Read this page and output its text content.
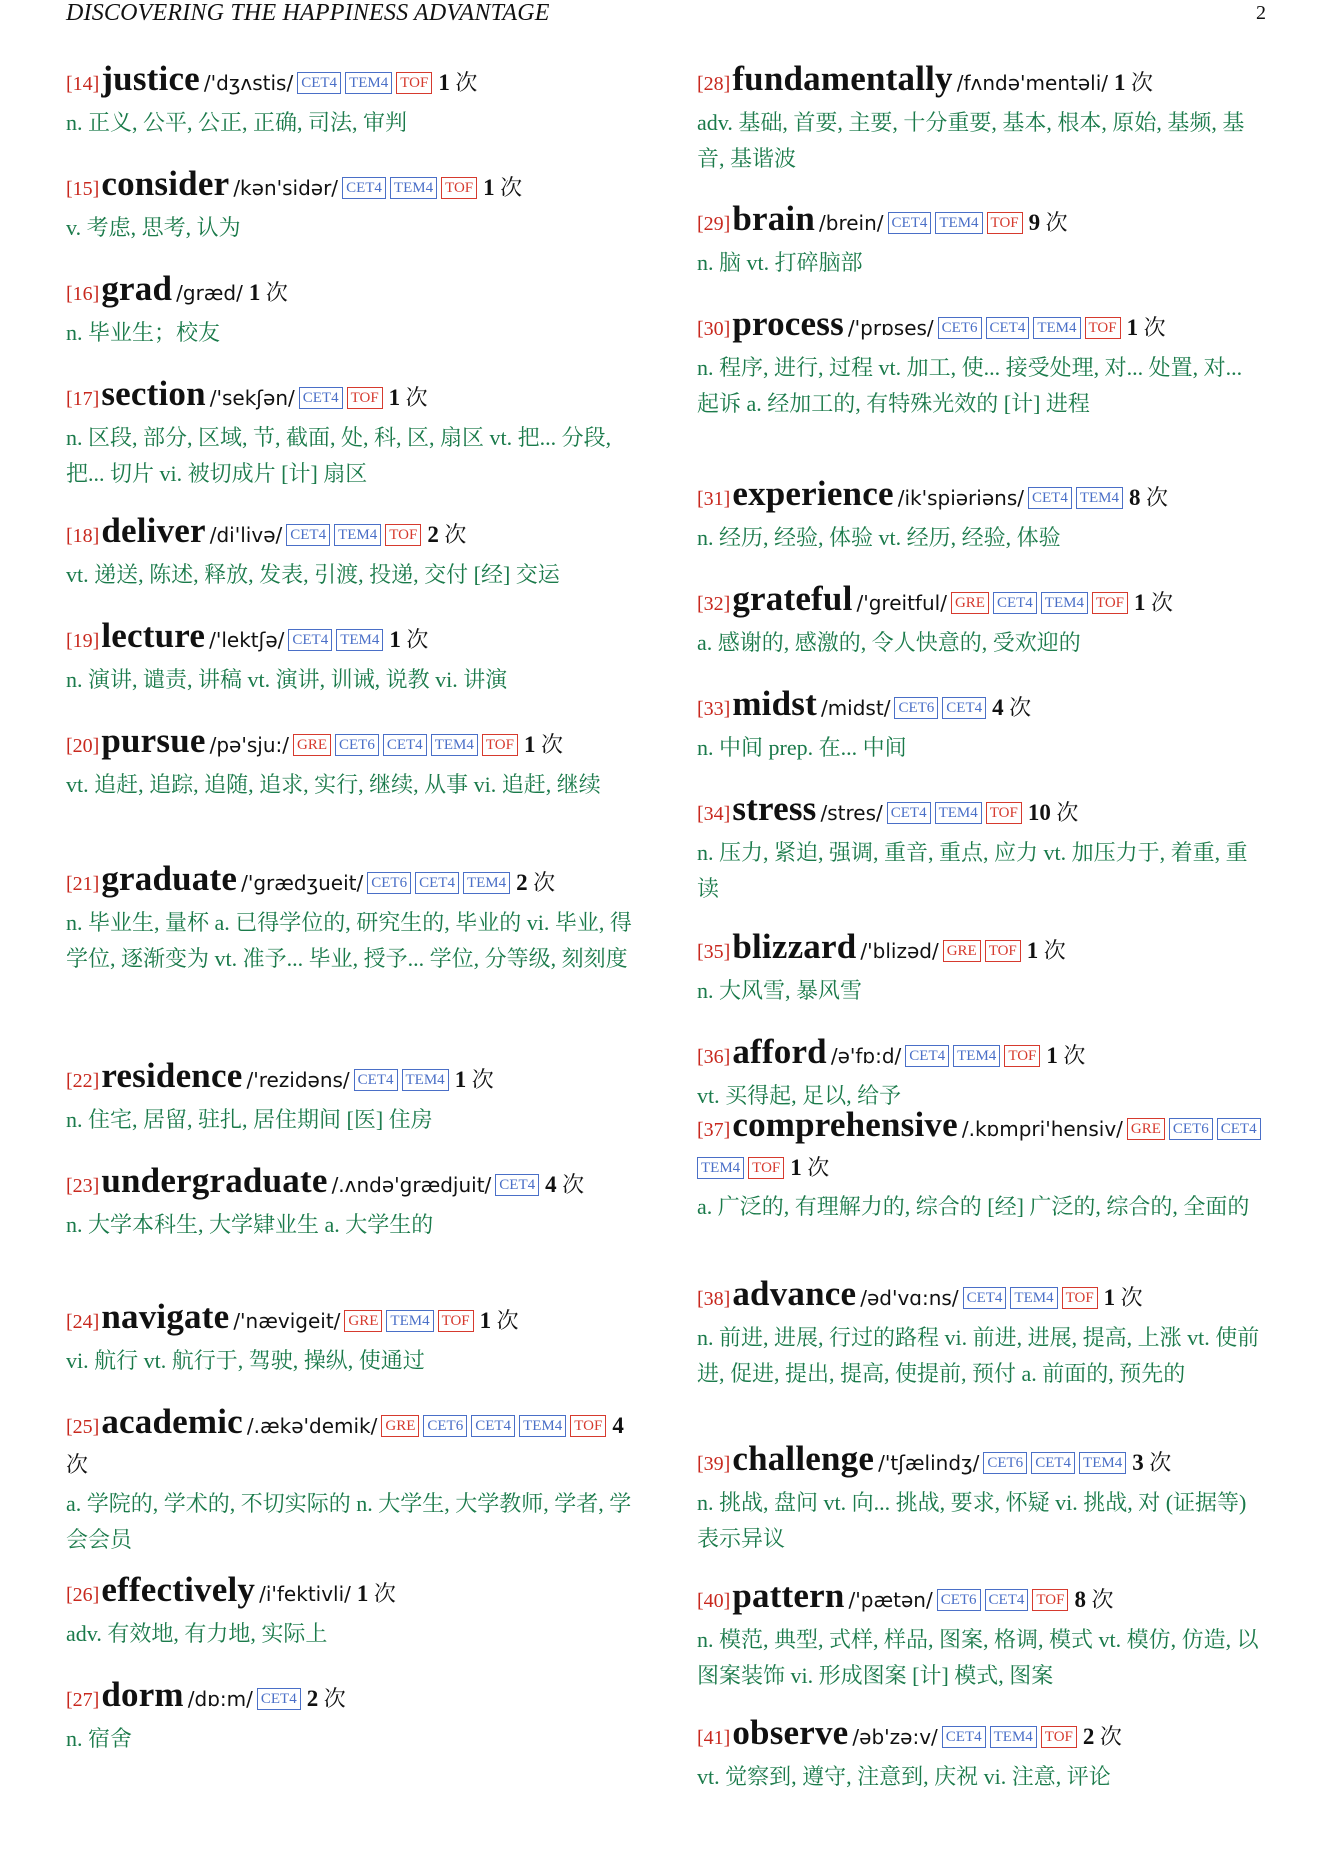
DISCOVERING THE HAPPINESS ADVANTAGE	2
[14]justice /'dʒʌstis/ CET4 TEM4 TOF 1 次
n. 正义, 公平, 公正, 正确, 司法, 审判
[15]consider /kən'sidər/ CET4 TEM4 TOF 1 次
v. 考虑, 思考, 认为
[16]grad /græd/ 1 次
n. 毕业生；校友
[17]section /'sekʃən/ CET4 TOF 1 次
n. 区段, 部分, 区域, 节, 截面, 处, 科, 区, 扇区 vt. 把... 分段, 把... 切片 vi. 被切成片 [计] 扇区
[18]deliver /di'livə/ CET4 TEM4 TOF 2 次
vt. 递送, 陈述, 释放, 发表, 引渡, 投递, 交付 [经] 交运
[19]lecture /'lektʃə/ CET4 TEM4 1 次
n. 演讲, 谴责, 讲稿 vt. 演讲, 训诫, 说教 vi. 讲演
[20]pursue /pə'sju:/ GRE CET6 CET4 TEM4 TOF 1 次
vt. 追赶, 追踪, 追随, 追求, 实行, 继续, 从事 vi. 追赶, 继续
[21]graduate /'grædʒueit/ CET6 CET4 TEM4 2 次
n. 毕业生, 量杯 a. 已得学位的, 研究生的, 毕业的 vi. 毕业, 得学位, 逐渐变为 vt. 准予... 毕业, 授予... 学位, 分等级, 刻刻度
[22]residence /'rezidəns/ CET4 TEM4 1 次
n. 住宅, 居留, 驻扎, 居住期间 [医] 住房
[23]undergraduate /.ʌndə'grædjuit/ CET4 4 次
n. 大学本科生, 大学肄业生 a. 大学生的
[24]navigate /'nævigeit/ GRE TEM4 TOF 1 次
vi. 航行 vt. 航行于, 驾驶, 操纵, 使通过
[25]academic /.ækə'demik/ GRE CET6 CET4 TEM4 TOF 4 次
a. 学院的, 学术的, 不切实际的 n. 大学生, 大学教师, 学者, 学会会员
[26]effectively /i'fektivli/ 1 次
adv. 有效地, 有力地, 实际上
[27]dorm /dɒ:m/ CET4 2 次
n. 宿舍
[28]fundamentally /fʌndə'mentəli/ 1 次
adv. 基础, 首要, 主要, 十分重要, 基本, 根本, 原始, 基频, 基音, 基谐波
[29]brain /brein/ CET4 TEM4 TOF 9 次
n. 脑 vt. 打碎脑部
[30]process /'prɒses/ CET6 CET4 TEM4 TOF 1 次
n. 程序, 进行, 过程 vt. 加工, 使... 接受处理, 对... 处置, 对... 起诉 a. 经加工的, 有特殊光效的 [计] 进程
[31]experience /ik'spiəriəns/ CET4 TEM4 8 次
n. 经历, 经验, 体验 vt. 经历, 经验, 体验
[32]grateful /'greitful/ GRE CET4 TEM4 TOF 1 次
a. 感谢的, 感激的, 令人快意的, 受欢迎的
[33]midst /midst/ CET6 CET4 4 次
n. 中间 prep. 在... 中间
[34]stress /stres/ CET4 TEM4 TOF 10 次
n. 压力, 紧迫, 强调, 重音, 重点, 应力 vt. 加压力于, 着重, 重读
[35]blizzard /'blizəd/ GRE TOF 1 次
n. 大风雪, 暴风雪
[36]afford /ə'fɒ:d/ CET4 TEM4 TOF 1 次
vt. 买得起, 足以, 给予
[37]comprehensive /.kɒmpri'hensiv/ GRE CET6 CET4TEM4 TOF 1 次
a. 广泛的, 有理解力的, 综合的 [经] 广泛的, 综合的, 全面的
[38]advance /əd'vɑ:ns/ CET4 TEM4 TOF 1 次
n. 前进, 进展, 行过的路程 vi. 前进, 进展, 提高, 上涨 vt. 使前进, 促进, 提出, 提高, 使提前, 预付 a. 前面的, 预先的
[39]challenge /'tʃælindʒ/ CET6 CET4 TEM4 3 次
n. 挑战, 盘问 vt. 向... 挑战, 要求, 怀疑 vi. 挑战, 对 (证据等) 表示异议
[40]pattern /'pætən/ CET6 CET4 TOF 8 次
n. 模范, 典型, 式样, 样品, 图案, 格调, 模式 vt. 模仿, 仿造, 以图案装饰 vi. 形成图案 [计] 模式, 图案
[41]observe /əb'zə:v/ CET4 TEM4 TOF 2 次
vt. 觉察到, 遵守, 注意到, 庆祝 vi. 注意, 评论
